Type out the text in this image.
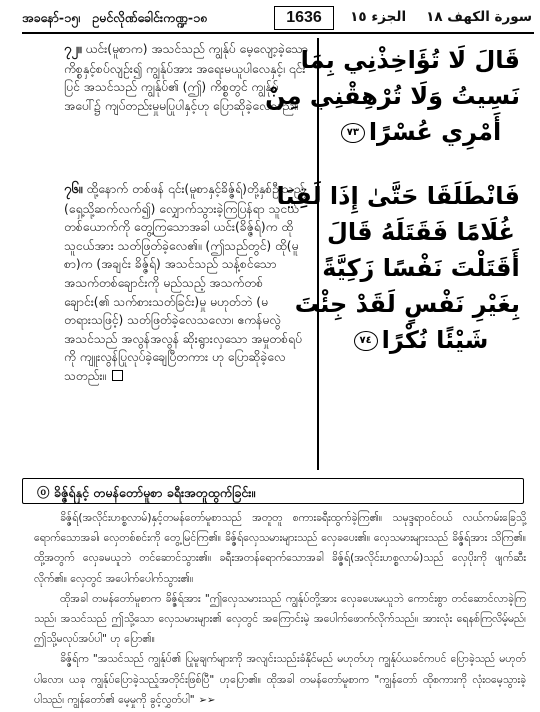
အခနော်-၁၅၊ ဥမင်လိုဏ်ခေါင်းကဏ္ဍ-၁၈	1636	سورة الكهف ١٨الجزء ١٥
၇၂။ ယင်း(မူစာက) အသင်သည် ကျွန်ုပ် မေ့လျော့ခဲ့သော ကိစ္စနှင့်စပ်လျဉ်း၍ ကျွန်ုပ်အား အရေးမယူပါလေနှင့်၊ ၎င်းပြင် အသင်သည် ကျွန်ုပ်၏ (ဤ) ကိစ္စတွင် ကျွန်ုပ်အပေါ်၌ ကျပ်တည်းမှုမပြုပါနှင့်ဟု ပြောဆိုခဲ့လေသည်။
قَالَ لَا تُؤَاخِذْنِي بِمَا
نَسِيتُ وَلَا تُرْهِقْنِي مِنْ
أَمْرِي عُسْرًا٧٣
၇၆။ ထို့နောက် တစ်ဖန် ၎င်း(မူစာနှင့်ခိဇ္ဇ်ရ်)တို့နှစ်ဦးသည် (ရှေ့သို့ဆက်လက်၍) လျှောက်သွားခဲ့ကြပြန်ရာ သူငယ်တစ်ယောက်ကို တွေ့ကြသောအခါ ယင်း(ခိဇ္ဇ်ရ်)က ထိုသူငယ်အား သတ်ဖြတ်ခဲ့လေ၏။ (ဤသည်တွင်) ထို(မူစာ)က (အချင်း ခိဇ္ဇ်ရ်) အသင်သည် သန့်စင်သော အသက်တစ်ချောင်းကို မည်သည့် အသက်တစ်ချောင်း(၏ သက်စားသတ်ခြင်း)မှု မဟုတ်ဘဲ (မတရားသဖြင့်) သတ်ဖြတ်ခဲ့လေသလော၊ ဧကန်မလွဲ အသင်သည် အလွန်အလွန် ဆိုးရွားလှသော အမှုတစ်ရပ်ကို ကျူးလွန်ပြုလုပ်ခဲ့ချေပြီတကား ဟု ပြောဆိုခဲ့လေသတည်း။
فَانْطَلَقَا حَتَّىٰ إِذَا لَقِيَا
غُلَامًا فَقَتَلَهُ قَالَ
أَقَتَلْتَ نَفْسًا زَكِيَّةً
بِغَيْرِ نَفْسٍ لَقَدْ جِئْتَ
شَيْئًا نُكْرًا٧٤
ⓞ ခိဇ္ဇ်ရ်နှင့် တမန်တော်မူစာ ခရီးအတူထွက်ခြင်း။

ခိဇ္ဇ်ရ်(အလိုင်းဟစ္စလာမ်)နှင့်တမန်တော်မူစာသည် အတူတူ စကားခရီးထွက်ခဲ့ကြ၏။ သမုဒ္ဒရာဝင်ဝယ် လယ်ကမ်းခြေသို့ ရောက်သောအခါ၊ လှေတစ်စင်းကို တွေ့မြင်ကြ၏။ ခိဇ္ဇ်ရ်လှေသမားများသည် လှေခပေး၏။ လှေသမားများသည် ခိဇ္ဇ်ရ်အား သိကြ၏။ ထို့အတွက် လှေခမယူဘဲ တင်ဆောင်သွား၏။ ခရီးအတန်ရောက်သောအခါ ခိဇ္ဇ်ရ်(အလိုင်းဟစ္စလာမ်)သည် လှေပိုးကို ဖျက်ဆီးလိုက်၏။ လှေတွင် အပေါက်ပေါက်သွား၏။

ထိုအခါ တမန်တော်မူစာက ခိဇ္ဇ်ရ်အား "ဤလှေသမားသည် ကျွန်ုပ်တို့အား လှေခပေးမယူဘဲ ကောင်းစွာ တင်ဆောင်လာခဲ့ကြသည်၊ အသင်သည် ဤသို့သော လှေသမားများ၏ လှေတွင် အကြောင်းမဲ့ အပေါက်ဖောက်လိုက်သည်။ အားလုံး ရေနစ်ကြလိမ့်မည်၊ ဤသို့မလုပ်အပ်ပါ" ဟု ပြော၏။

ခိဇ္ဇ်ရ်က "အသင်သည် ကျွန်ုပ်၏ ပြုမူချက်များကို အလျင်းသည်းခံနိုင်မည် မဟုတ်ဟု ကျွန်ုပ်ယခင်ကပင် ပြောခဲ့သည် မဟုတ်ပါလော၊ ယခု ကျွန်ုပ်ပြောခဲ့သည့်အတိုင်းဖြစ်ပြီ" ဟုပြော၏။ ထိုအခါ တမန်တော်မူစာက "ကျွန်တော် ထိုစကားကို လုံးဝမေ့သွားခဲ့ပါသည်၊ ကျွန်တော်၏ မေ့မှုကို ခွင့်လွှတ်ပါ" ➢➢
